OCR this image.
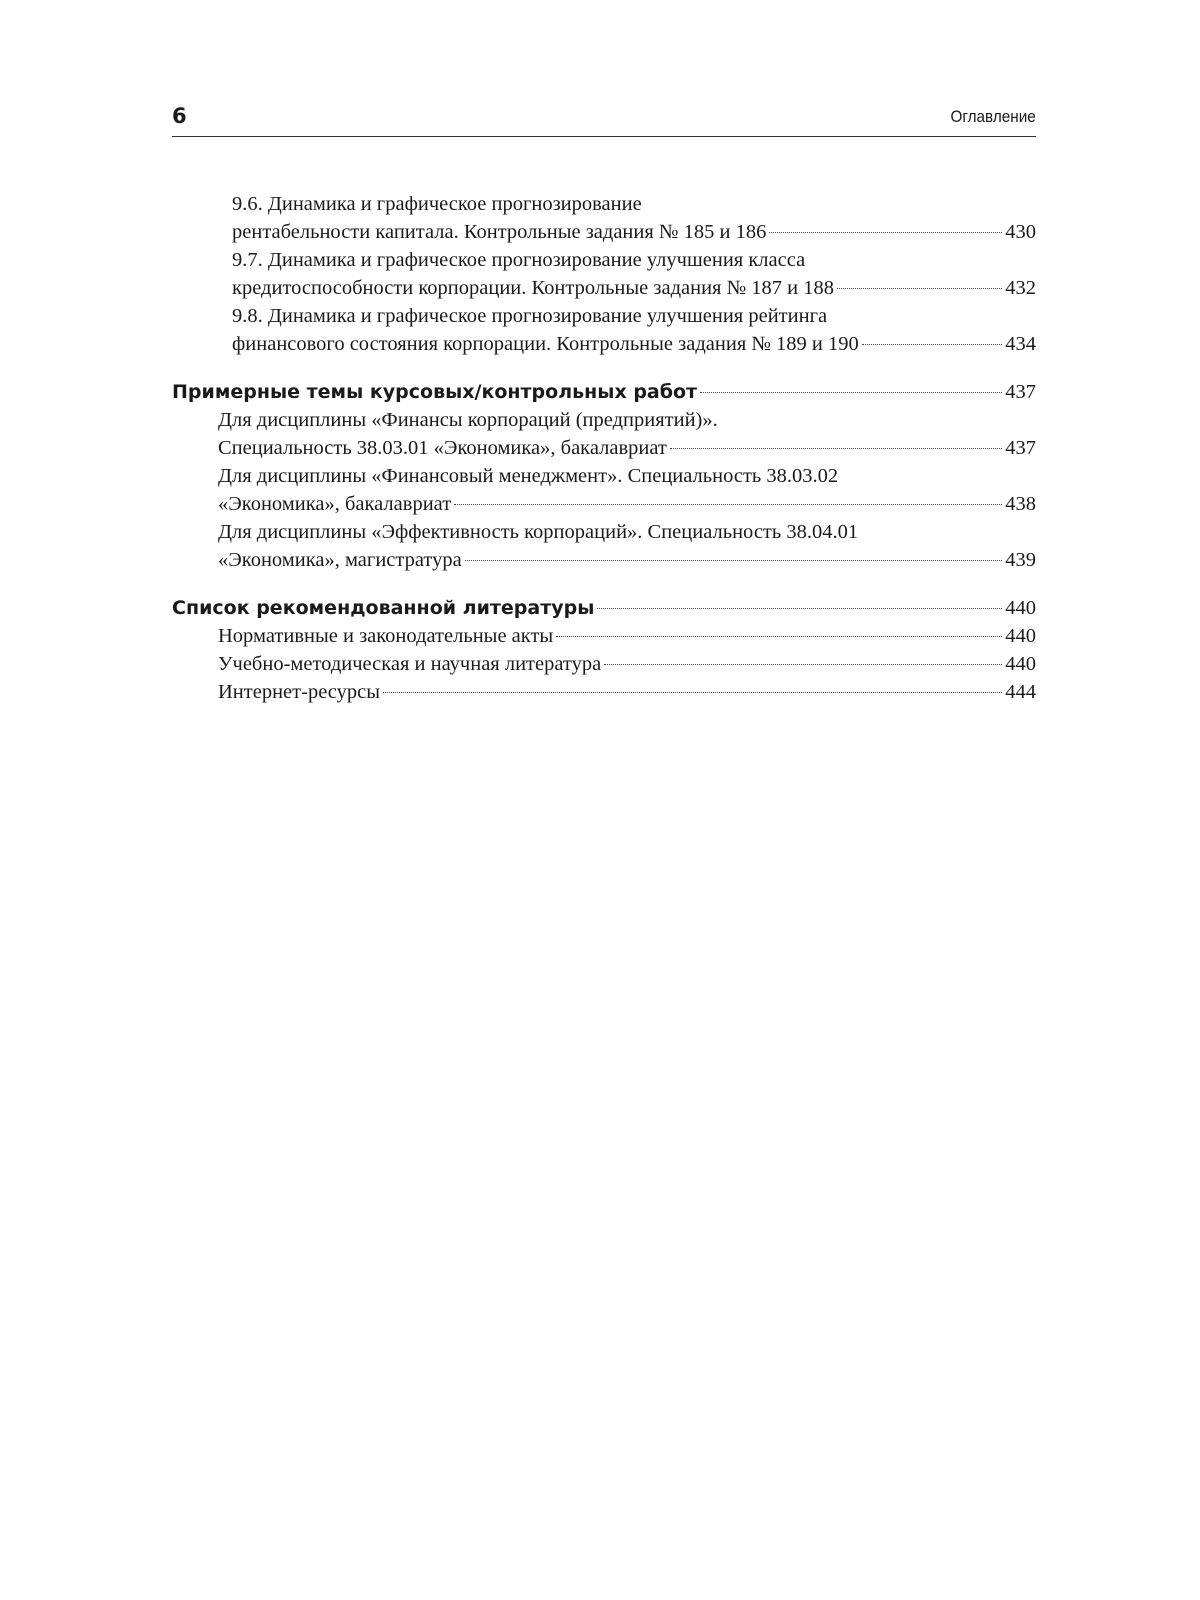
6	Оглавление
9.6. Динамика и графическое прогнозирование
рентабельности капитала. Контрольные задания № 185 и 186	430
9.7. Динамика и графическое прогнозирование улучшения класса
кредитоспособности корпорации. Контрольные задания № 187 и 188	432
9.8. Динамика и графическое прогнозирование улучшения рейтинга
финансового состояния корпорации. Контрольные задания № 189 и 190	434
Примерные темы курсовых/контрольных работ	437
Для дисциплины «Финансы корпораций (предприятий)».
Специальность 38.03.01 «Экономика», бакалавриат	437
Для дисциплины «Финансовый менеджмент». Специальность 38.03.02
«Экономика», бакалавриат	438
Для дисциплины «Эффективность корпораций». Специальность 38.04.01
«Экономика», магистратура	439
Список рекомендованной литературы	440
Нормативные и законодательные акты	440
Учебно-методическая и научная литература	440
Интернет-ресурсы	444
